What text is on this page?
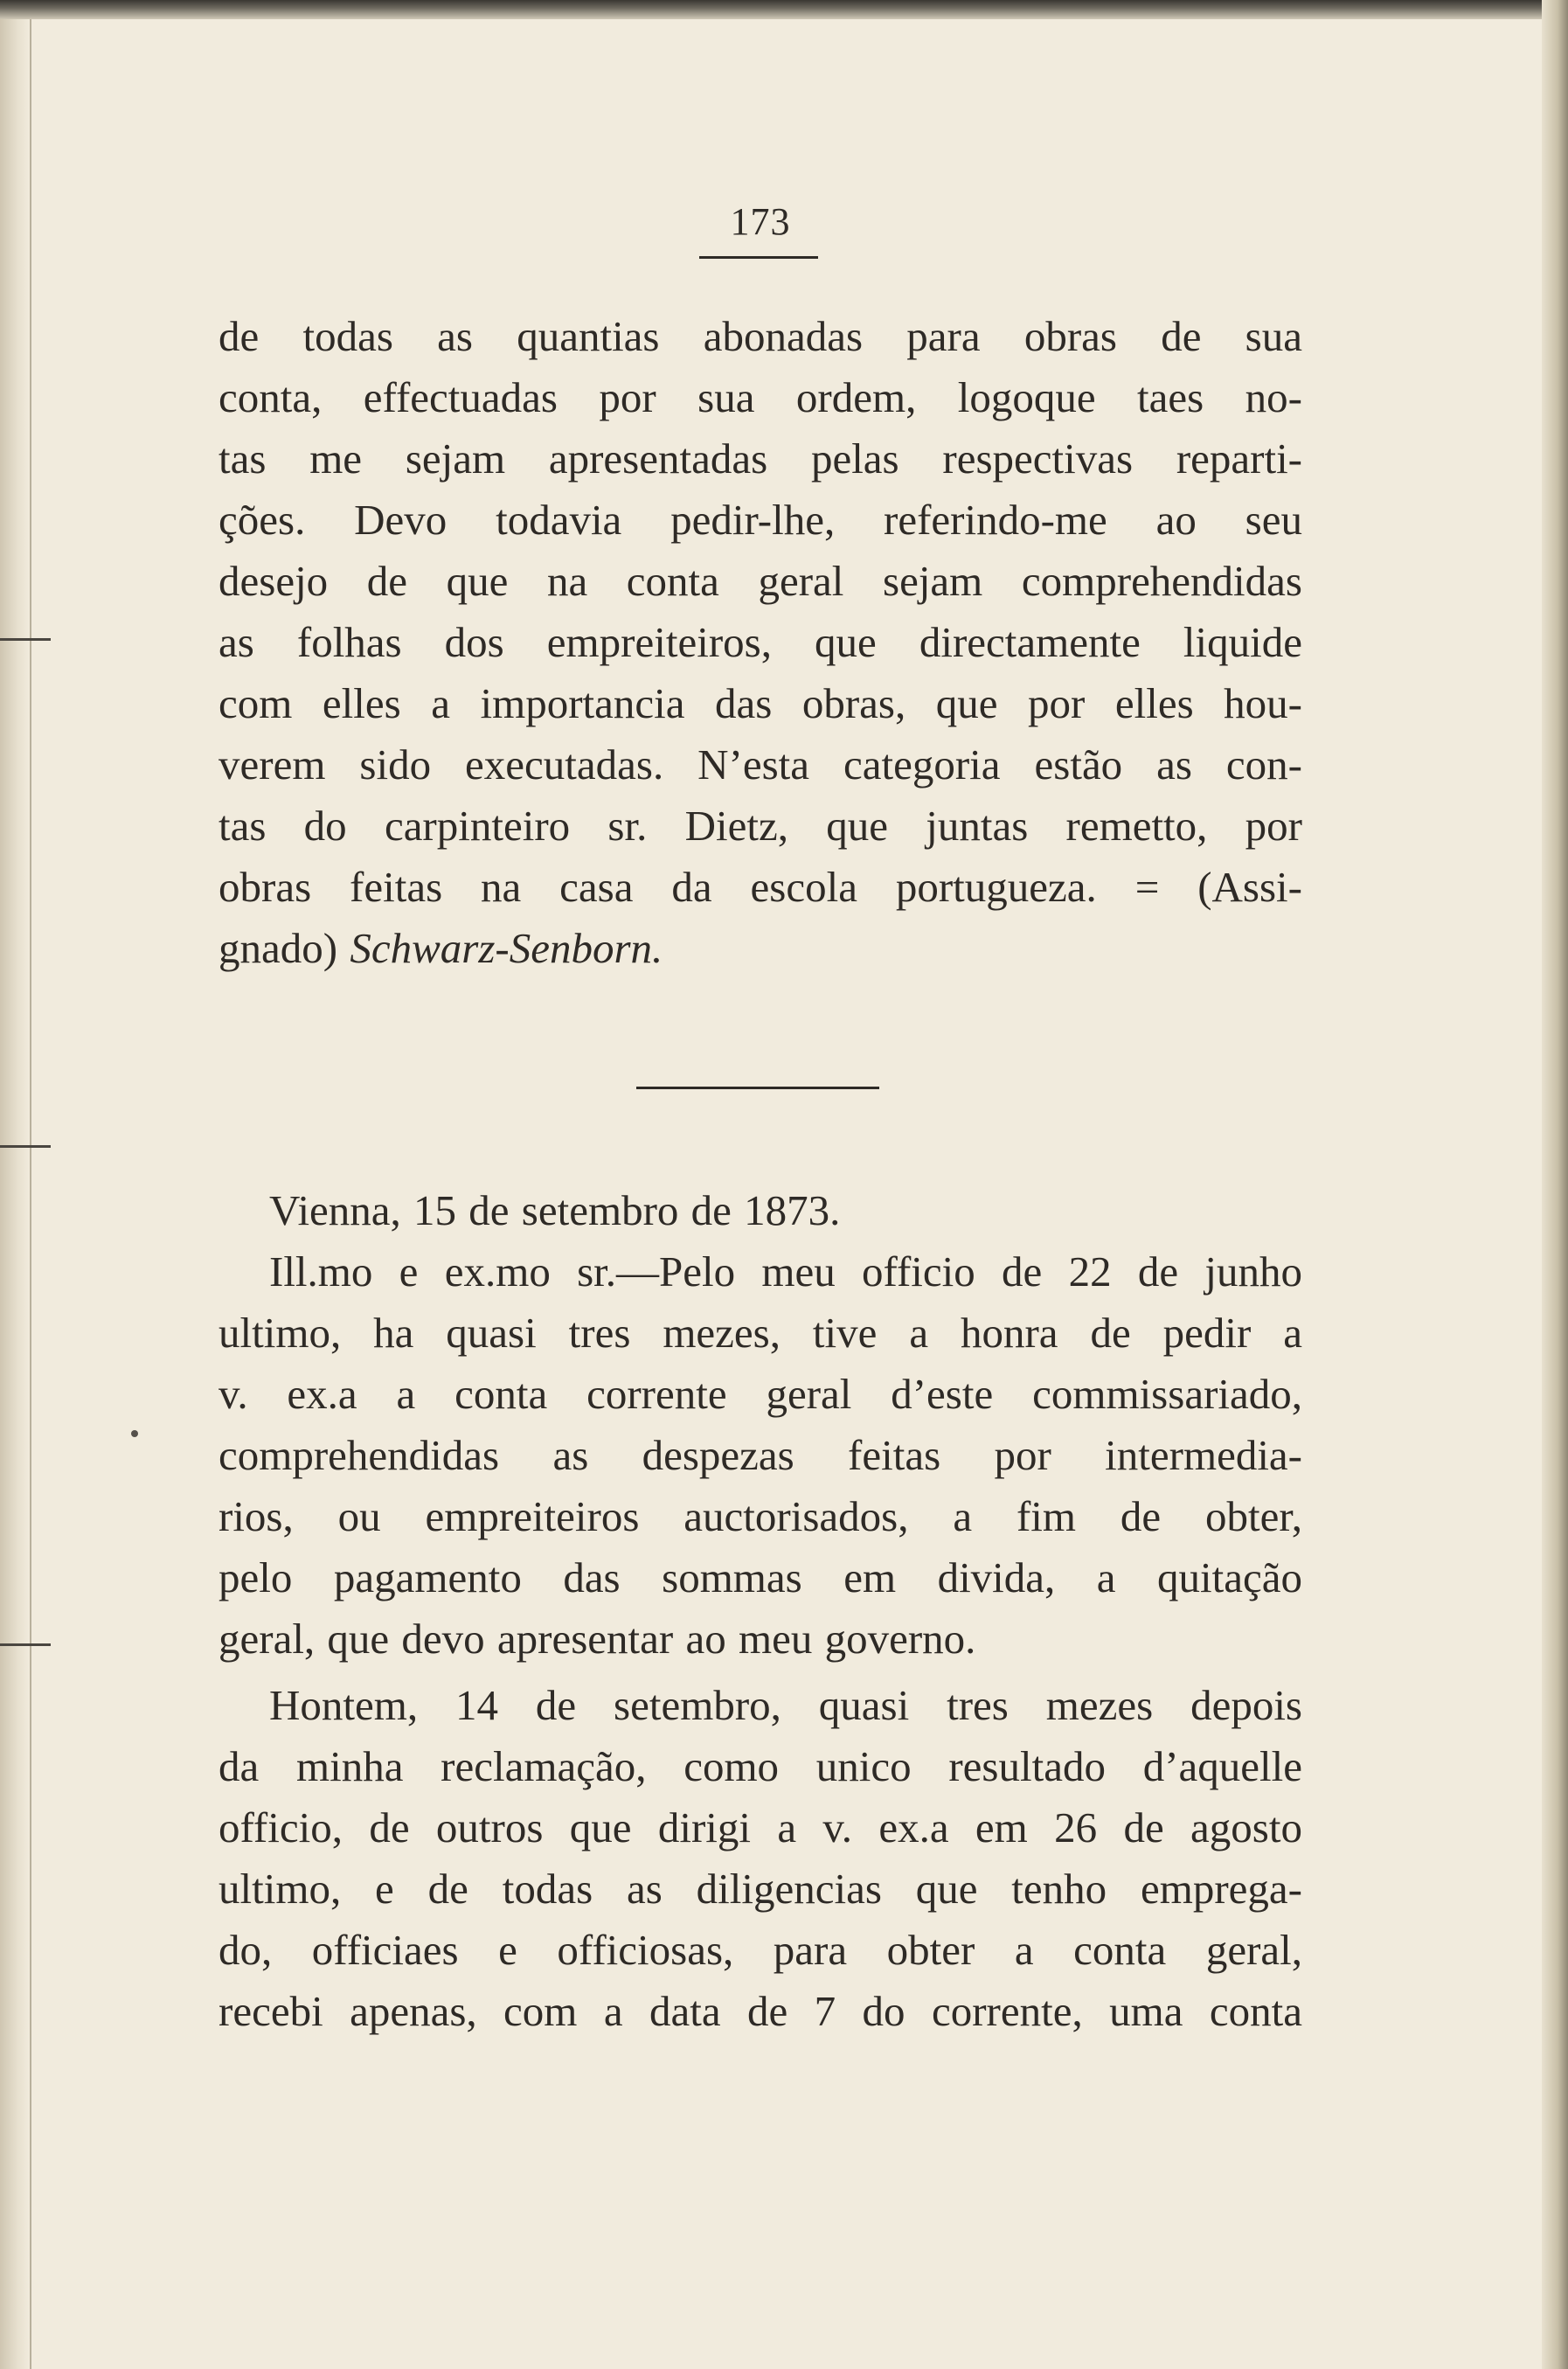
173
de todas as quantias abonadas para obras de sua
conta, effectuadas por sua ordem, logoque taes no-
tas me sejam apresentadas pelas respectivas reparti-
ções. Devo todavia pedir-lhe, referindo-me ao seu
desejo de que na conta geral sejam comprehendidas
as folhas dos empreiteiros, que directamente liquide
com elles a importancia das obras, que por elles hou-
verem sido executadas. N’esta categoria estão as con-
tas do carpinteiro sr. Dietz, que juntas remetto, por
obras feitas na casa da escola portugueza. = (Assi-
gnado) Schwarz-Senborn.
Vienna, 15 de setembro de 1873.
Ill.mo e ex.mo sr.—Pelo meu officio de 22 de junho
ultimo, ha quasi tres mezes, tive a honra de pedir a
v. ex.a a conta corrente geral d’este commissariado,
comprehendidas as despezas feitas por intermedia-
rios, ou empreiteiros auctorisados, a fim de obter,
pelo pagamento das sommas em divida, a quitação
geral, que devo apresentar ao meu governo.
Hontem, 14 de setembro, quasi tres mezes depois
da minha reclamação, como unico resultado d’aquelle
officio, de outros que dirigi a v. ex.a em 26 de agosto
ultimo, e de todas as diligencias que tenho emprega-
do, officiaes e officiosas, para obter a conta geral,
recebi apenas, com a data de 7 do corrente, uma conta
